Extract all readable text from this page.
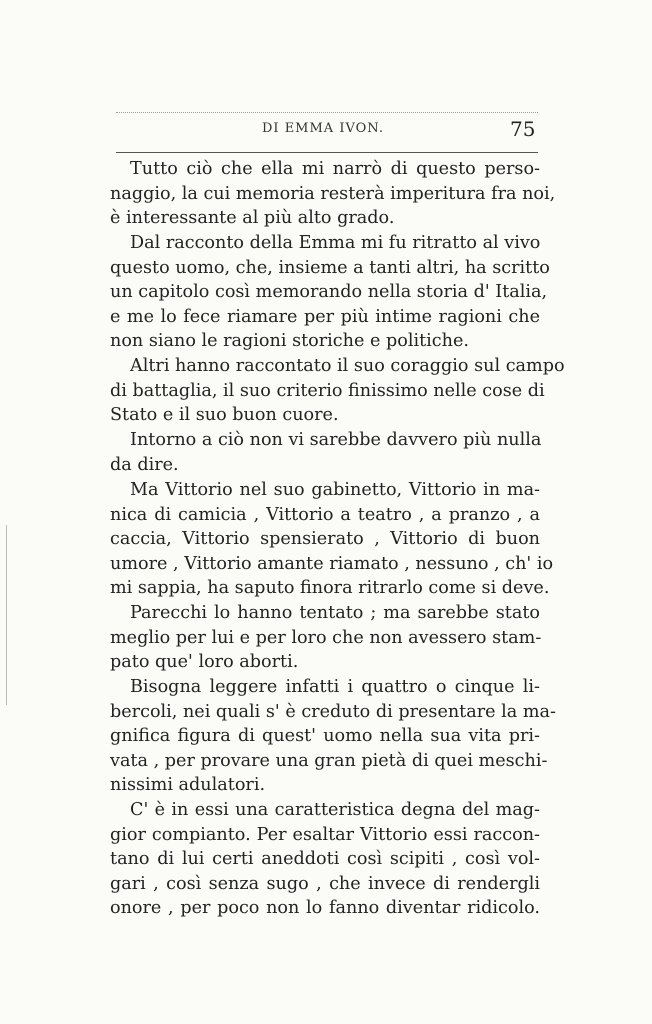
DI EMMA IVON.	75
Tutto ciò che ella mi narrò di questo perso-
naggio, la cui memoria resterà imperitura fra noi,
è interessante al più alto grado.
Dal racconto della Emma mi fu ritratto al vivo
questo uomo, che, insieme a tanti altri, ha scritto
un capitolo così memorando nella storia d' Italia,
e me lo fece riamare per più intime ragioni che
non siano le ragioni storiche e politiche.
Altri hanno raccontato il suo coraggio sul campo
di battaglia, il suo criterio finissimo nelle cose di
Stato e il suo buon cuore.
Intorno a ciò non vi sarebbe davvero più nulla
da dire.
Ma Vittorio nel suo gabinetto, Vittorio in ma-
nica di camicia , Vittorio a teatro , a pranzo , a
caccia, Vittorio spensierato , Vittorio di buon
umore , Vittorio amante riamato , nessuno , ch' io
mi sappia, ha saputo finora ritrarlo come si deve.
Parecchi lo hanno tentato ; ma sarebbe stato
meglio per lui e per loro che non avessero stam-
pato que' loro aborti.
Bisogna leggere infatti i quattro o cinque li-
bercoli, nei quali s' è creduto di presentare la ma-
gnifica figura di quest' uomo nella sua vita pri-
vata , per provare una gran pietà di quei meschi-
nissimi adulatori.
C' è in essi una caratteristica degna del mag-
gior compianto. Per esaltar Vittorio essi raccon-
tano di lui certi aneddoti così scipiti , così vol-
gari , così senza sugo , che invece di rendergli
onore , per poco non lo fanno diventar ridicolo.
